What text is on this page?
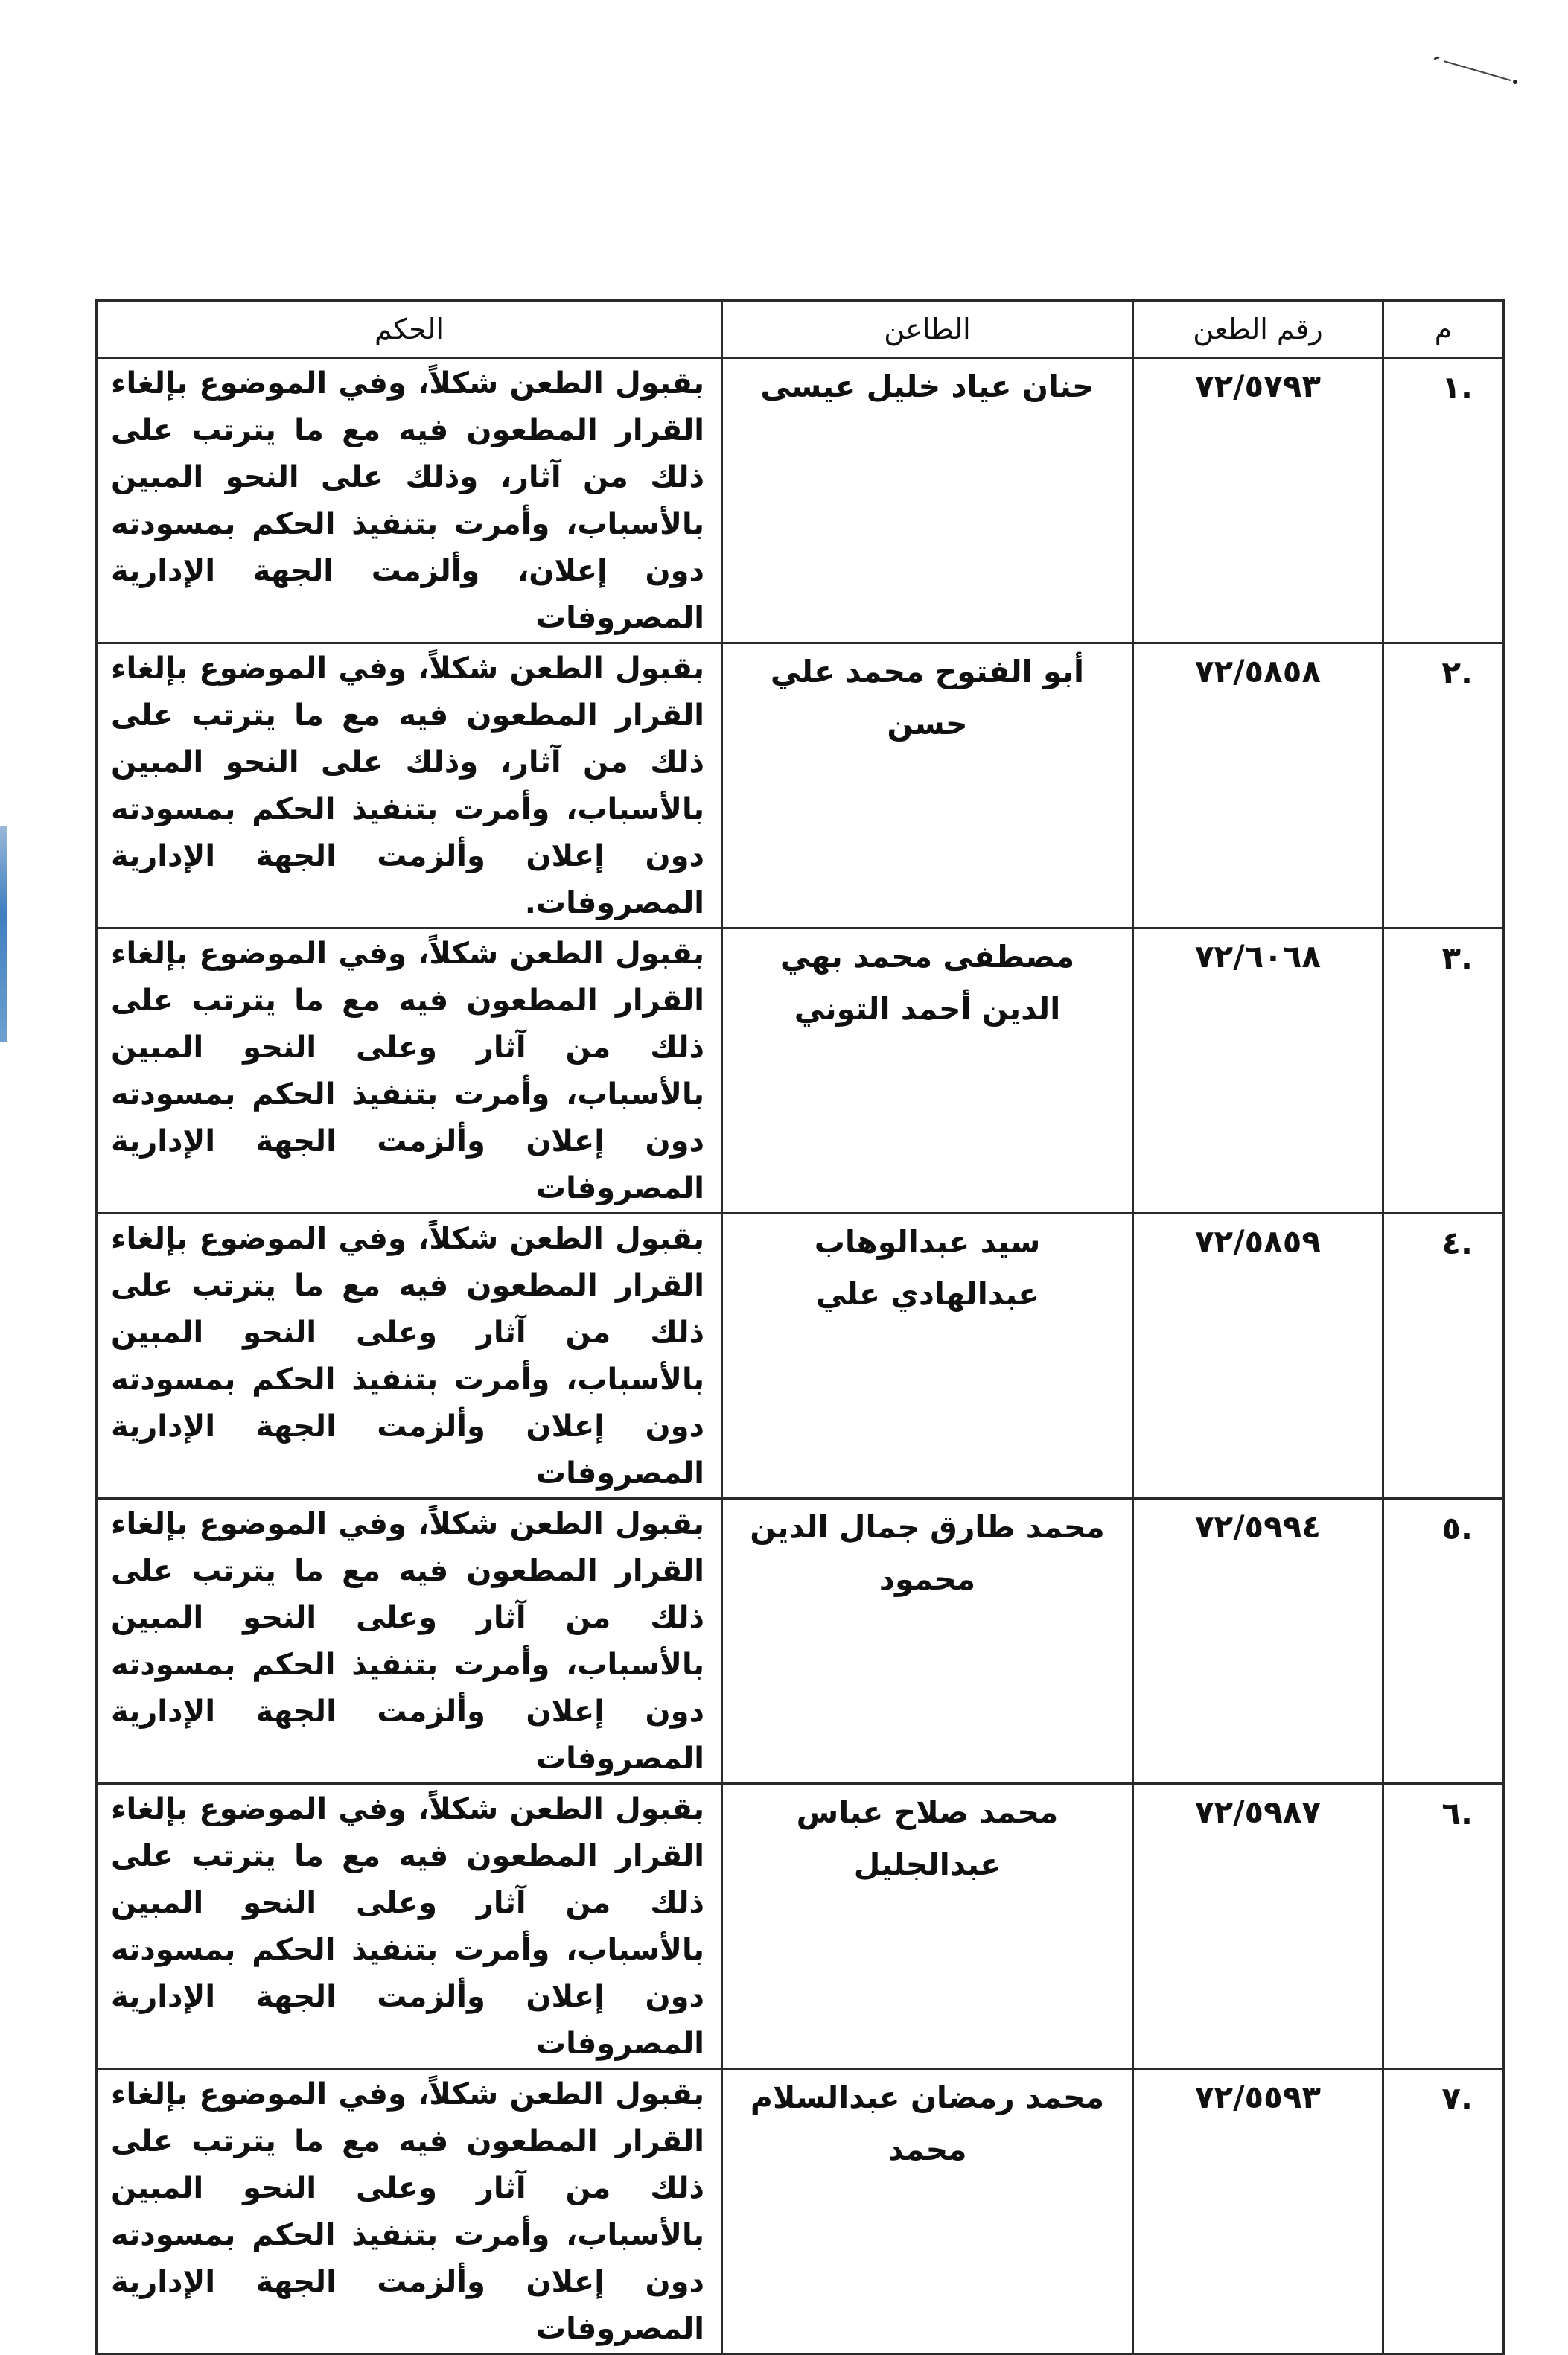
م	رقم الطعن	الطاعن	الحكم
.١	٧٢/٥٧٩٣	حنان عياد خليل عيسى	بقبول الطعن شكلاً، وفي الموضوع بإلغاء القرار المطعون فيه مع ما يترتب على ذلك من آثار، وذلك على النحو المبين بالأسباب، وأمرت بتنفيذ الحكم بمسودته دون إعلان، وألزمت الجهة الإدارية المصروفات
.٢	٧٢/٥٨٥٨	أبو الفتوح محمد علي حسن	بقبول الطعن شكلاً، وفي الموضوع بإلغاء القرار المطعون فيه مع ما يترتب على ذلك من آثار، وذلك على النحو المبين بالأسباب، وأمرت بتنفيذ الحكم بمسودته دون إعلان وألزمت الجهة الإدارية المصروفات.
.٣	٧٢/٦٠٦٨	مصطفى محمد بهي الدين أحمد التوني	بقبول الطعن شكلاً، وفي الموضوع بإلغاء القرار المطعون فيه مع ما يترتب على ذلك من آثار وعلى النحو المبين بالأسباب، وأمرت بتنفيذ الحكم بمسودته دون إعلان وألزمت الجهة الإدارية المصروفات
.٤	٧٢/٥٨٥٩	سيد عبدالوهاب عبدالهادي علي	بقبول الطعن شكلاً، وفي الموضوع بإلغاء القرار المطعون فيه مع ما يترتب على ذلك من آثار وعلى النحو المبين بالأسباب، وأمرت بتنفيذ الحكم بمسودته دون إعلان وألزمت الجهة الإدارية المصروفات
.٥	٧٢/٥٩٩٤	محمد طارق جمال الدين محمود	بقبول الطعن شكلاً، وفي الموضوع بإلغاء القرار المطعون فيه مع ما يترتب على ذلك من آثار وعلى النحو المبين بالأسباب، وأمرت بتنفيذ الحكم بمسودته دون إعلان وألزمت الجهة الإدارية المصروفات
.٦	٧٢/٥٩٨٧	محمد صلاح عباس عبدالجليل	بقبول الطعن شكلاً، وفي الموضوع بإلغاء القرار المطعون فيه مع ما يترتب على ذلك من آثار وعلى النحو المبين بالأسباب، وأمرت بتنفيذ الحكم بمسودته دون إعلان وألزمت الجهة الإدارية المصروفات
.٧	٧٢/٥٥٩٣	محمد رمضان عبدالسلام محمد	بقبول الطعن شكلاً، وفي الموضوع بإلغاء القرار المطعون فيه مع ما يترتب على ذلك من آثار وعلى النحو المبين بالأسباب، وأمرت بتنفيذ الحكم بمسودته دون إعلان وألزمت الجهة الإدارية المصروفات
